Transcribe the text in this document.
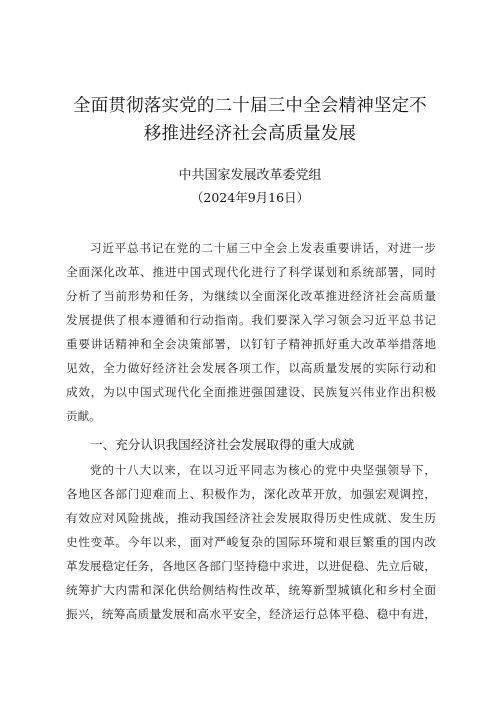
全面贯彻落实党的二十届三中全会精神坚定不
移推进经济社会高质量发展
中共国家发展改革委党组
（2024年9月16日）
习近平总书记在党的二十届三中全会上发表重要讲话，对进一步
全面深化改革、推进中国式现代化进行了科学谋划和系统部署，同时
分析了当前形势和任务，为继续以全面深化改革推进经济社会高质量
发展提供了根本遵循和行动指南。我们要深入学习领会习近平总书记
重要讲话精神和全会决策部署，以钉钉子精神抓好重大改革举措落地
见效，全力做好经济社会发展各项工作，以高质量发展的实际行动和
成效，为以中国式现代化全面推进强国建设、民族复兴伟业作出积极
贡献。
一、充分认识我国经济社会发展取得的重大成就
党的十八大以来，在以习近平同志为核心的党中央坚强领导下，
各地区各部门迎难而上、积极作为，深化改革开放，加强宏观调控，
有效应对风险挑战，推动我国经济社会发展取得历史性成就、发生历
史性变革。今年以来，面对严峻复杂的国际环境和艰巨繁重的国内改
革发展稳定任务，各地区各部门坚持稳中求进，以进促稳、先立后破，
统筹扩大内需和深化供给侧结构性改革，统筹新型城镇化和乡村全面
振兴，统筹高质量发展和高水平安全，经济运行总体平稳、稳中有进，
